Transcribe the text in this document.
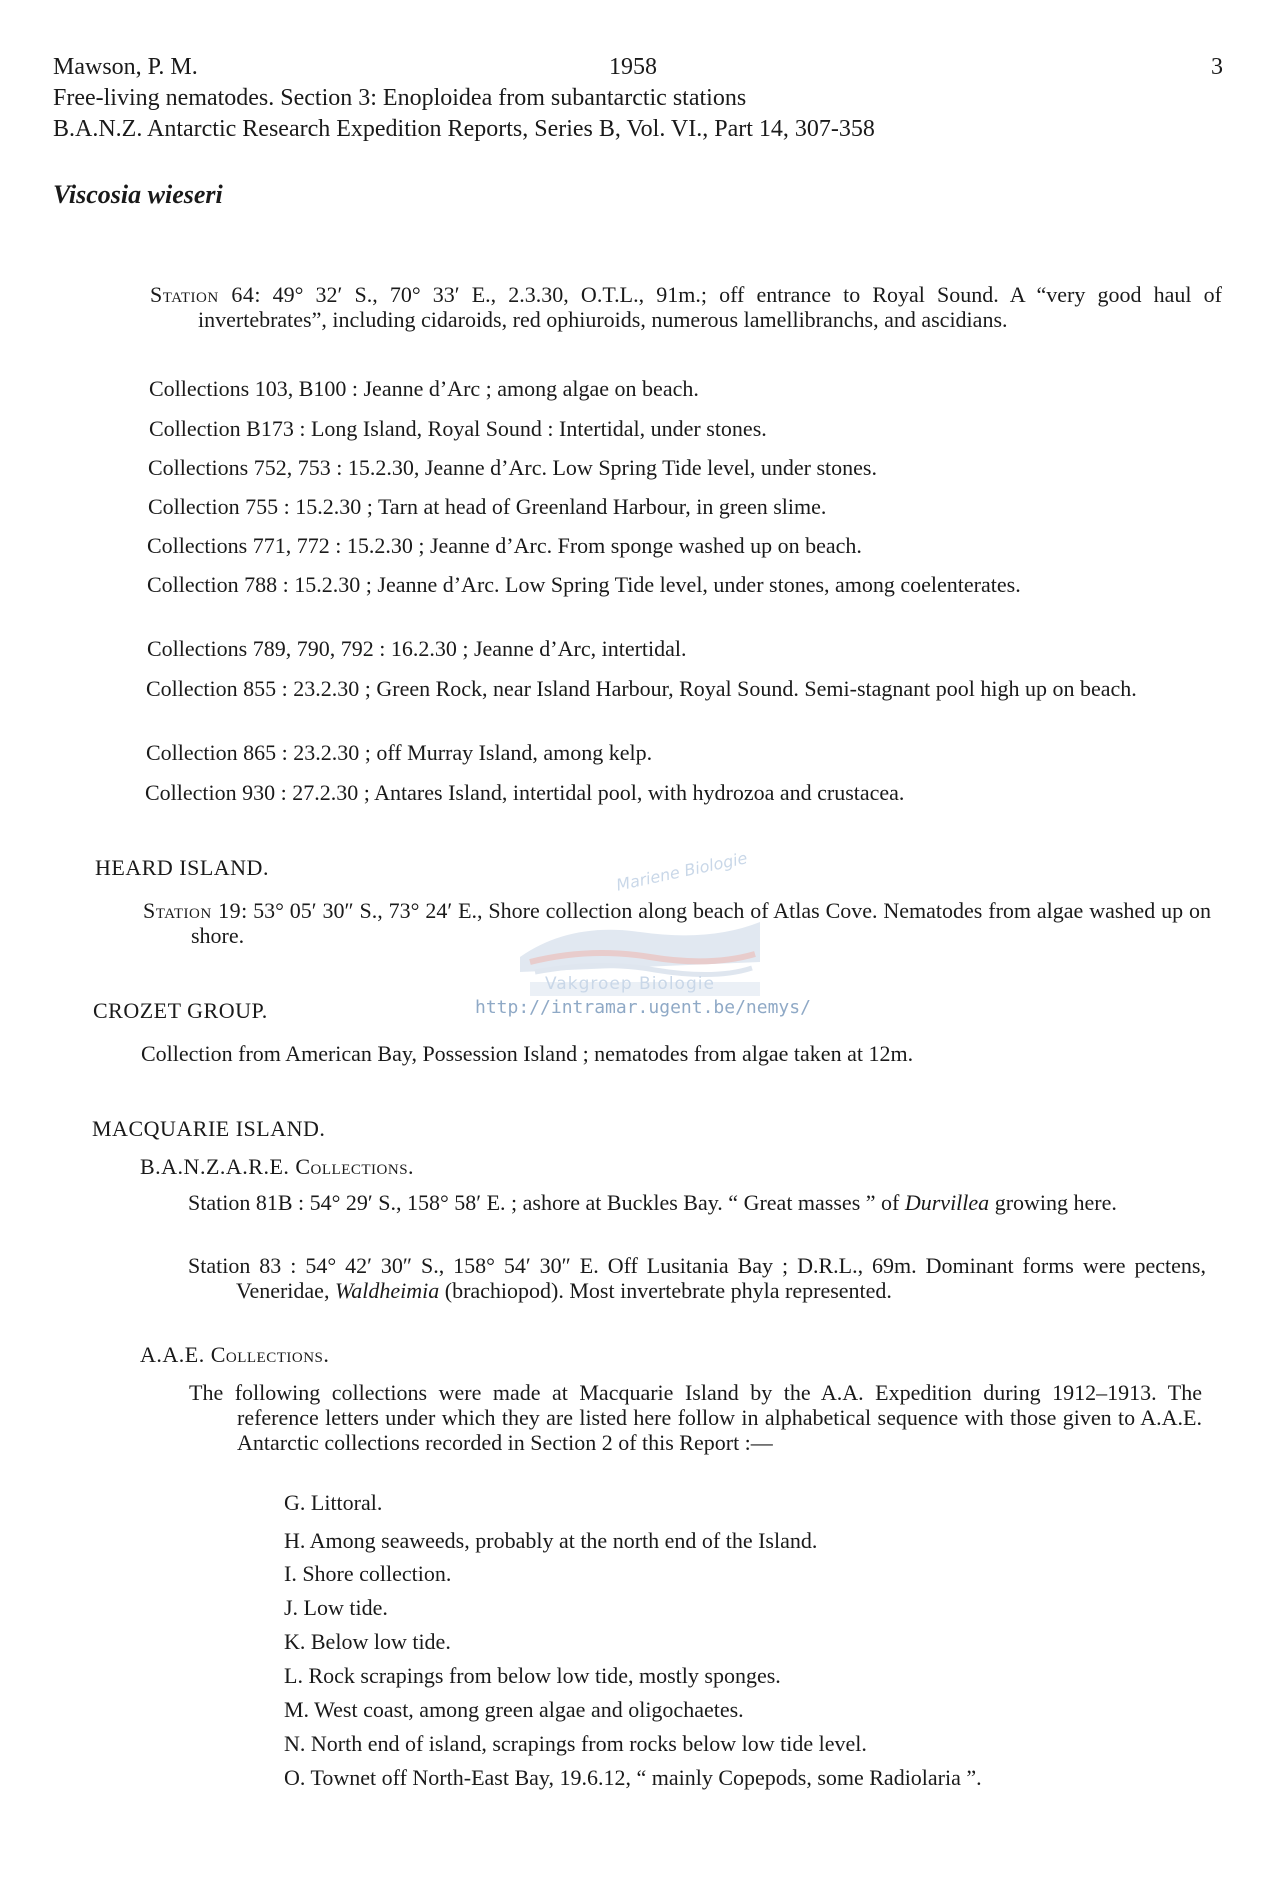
Mawson, P. M.	1958	3
Free-living nematodes. Section 3: Enoploidea from subantarctic stations
B.A.N.Z. Antarctic Research Expedition Reports, Series B, Vol. VI., Part 14, 307-358
Viscosia wieseri
Mariene Biologie
Vakgroep Biologie
http://intramar.ugent.be/nemys/
Station 64: 49° 32′ S., 70° 33′ E., 2.3.30, O.T.L., 91m.; off entrance to Royal Sound. A “very good haul of invertebrates”, including cidaroids, red ophiuroids, numerous lamellibranchs, and ascidians.
Collections 103, B100 : Jeanne d’Arc ; among algae on beach.
Collection B173 : Long Island, Royal Sound : Intertidal, under stones.
Collections 752, 753 : 15.2.30, Jeanne d’Arc. Low Spring Tide level, under stones.
Collection 755 : 15.2.30 ; Tarn at head of Greenland Harbour, in green slime.
Collections 771, 772 : 15.2.30 ; Jeanne d’Arc. From sponge washed up on beach.
Collection 788 : 15.2.30 ; Jeanne d’Arc. Low Spring Tide level, under stones, among coelenterates.
Collections 789, 790, 792 : 16.2.30 ; Jeanne d’Arc, intertidal.
Collection 855 : 23.2.30 ; Green Rock, near Island Harbour, Royal Sound. Semi-stagnant pool high up on beach.
Collection 865 : 23.2.30 ; off Murray Island, among kelp.
Collection 930 : 27.2.30 ; Antares Island, intertidal pool, with hydrozoa and crustacea.
HEARD ISLAND.
Station 19: 53° 05′ 30″ S., 73° 24′ E., Shore collection along beach of Atlas Cove. Nematodes from algae washed up on shore.
CROZET GROUP.
Collection from American Bay, Possession Island ; nematodes from algae taken at 12m.
MACQUARIE ISLAND.
B.A.N.Z.A.R.E. Collections.
Station 81B : 54° 29′ S., 158° 58′ E. ; ashore at Buckles Bay. “ Great masses ” of Durvillea growing here.
Station 83 : 54° 42′ 30″ S., 158° 54′ 30″ E. Off Lusitania Bay ; D.R.L., 69m. Dominant forms were pectens, Veneridae, Waldheimia (brachiopod). Most invertebrate phyla represented.
A.A.E. Collections.
The following collections were made at Macquarie Island by the A.A. Expedition during 1912–1913. The reference letters under which they are listed here follow in alphabetical sequence with those given to A.A.E. Antarctic collections recorded in Section 2 of this Report :—
G. Littoral.
H. Among seaweeds, probably at the north end of the Island.
I. Shore collection.
J. Low tide.
K. Below low tide.
L. Rock scrapings from below low tide, mostly sponges.
M. West coast, among green algae and oligochaetes.
N. North end of island, scrapings from rocks below low tide level.
O. Townet off North-East Bay, 19.6.12, “ mainly Copepods, some Radiolaria ”.
